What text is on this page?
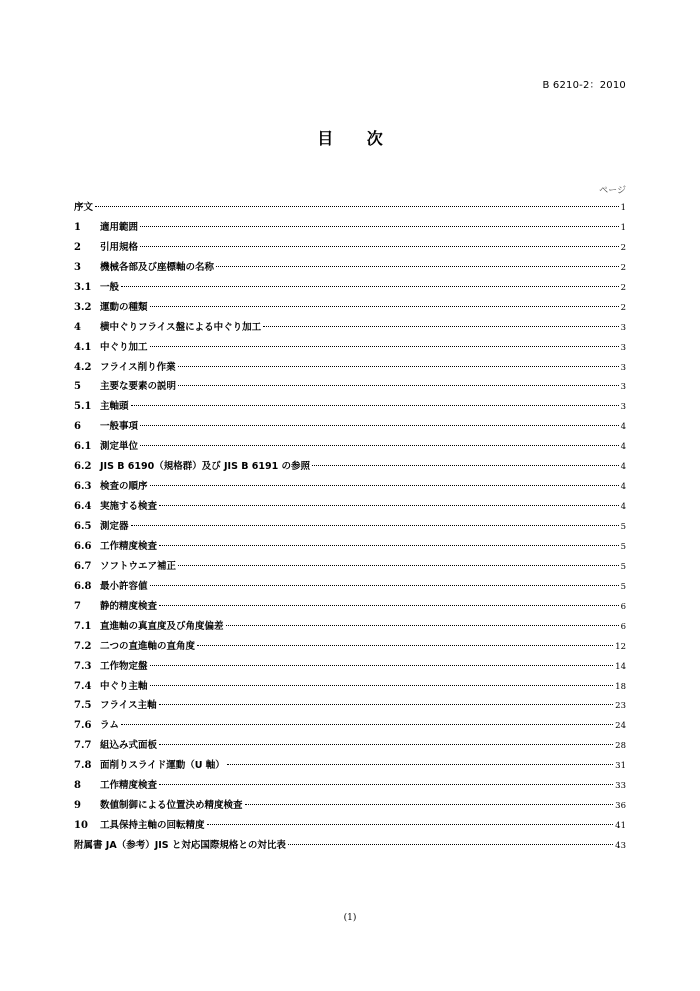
B 6210-2：2010
目 次
ページ
序文	1
1	適用範囲	1
2	引用規格	2
3	機械各部及び座標軸の名称	2
3.1 一般	2
3.2 運動の種類	2
4	横中ぐりフライス盤による中ぐり加工	3
4.1 中ぐり加工	3
4.2 フライス削り作業	3
5	主要な要素の説明	3
5.1 主軸頭	3
6	一般事項	4
6.1 測定単位	4
6.2 JIS B 6190（規格群）及び JIS B 6191 の参照	4
6.3 検査の順序	4
6.4 実施する検査	4
6.5 測定器	5
6.6 工作精度検査	5
6.7 ソフトウエア補正	5
6.8 最小許容値	5
7	静的精度検査	6
7.1 直進軸の真直度及び角度偏差	6
7.2 二つの直進軸の直角度	12
7.3 工作物定盤	14
7.4 中ぐり主軸	18
7.5 フライス主軸	23
7.6 ラム	24
7.7 組込み式面板	28
7.8 面削りスライド運動（U 軸）	31
8	工作精度検査	33
9	数値制御による位置決め精度検査	36
10	工具保持主軸の回転精度	41
附属書 JA（参考）JIS と対応国際規格との対比表	43
(1)
